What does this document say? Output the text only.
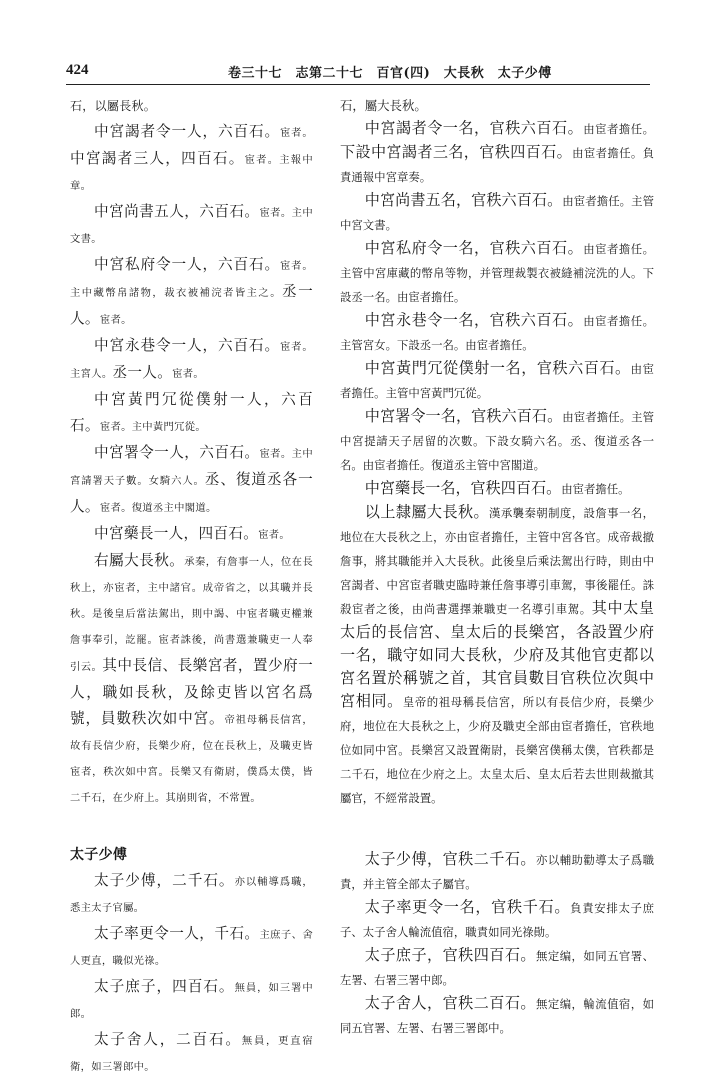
424	卷三十七　志第二十七　百官(四)　大長秋　太子少傅

石，以屬長秋。

中宮謁者令一人，六百石。宦者。中宮謁者三人，四百石。宦者。主報中章。

中宮尚書五人，六百石。宦者。主中文書。

中宮私府令一人，六百石。宦者。主中藏幣帛諸物，裁衣被補浣者皆主之。丞一人。宦者。

中宮永巷令一人，六百石。宦者。主宮人。丞一人。宦者。

中宮黃門冗從僕射一人，六百石。宦者。主中黃門冗從。

中宮署令一人，六百石。宦者。主中宮請署天子數。女騎六人。丞、復道丞各一人。宦者。復道丞主中閣道。

中宮藥長一人，四百石。宦者。

右屬大長秋。承秦，有詹事一人，位在長秋上，亦宦者，主中諸官。成帝省之，以其職并長秋。是後皇后當法駕出，則中謁、中宦者職吏權兼詹事奉引，訖罷。宦者誅後，尚書選兼職吏一人奉引云。其中長信、長樂宮者，置少府一人，職如長秋，及餘吏皆以宮名爲號，員數秩次如中宮。帝祖母稱長信宮，故有長信少府，長樂少府，位在長秋上，及職吏皆宦者，秩次如中宮。長樂又有衛尉，僕爲太僕，皆二千石，在少府上。其崩則省，不常置。

太子少傅

太子少傅，二千石。亦以輔導爲職，悉主太子官屬。

太子率更令一人，千石。主庶子、舍人更直，職似光祿。

太子庶子，四百石。無員，如三署中郎。

太子舍人，二百石。無員，更直宿衛，如三署郎中。

石，屬大長秋。

中宮謁者令一名，官秩六百石。由宦者擔任。下設中宮謁者三名，官秩四百石。由宦者擔任。負責通報中宮章奏。

中宮尚書五名，官秩六百石。由宦者擔任。主管中宮文書。

中宮私府令一名，官秩六百石。由宦者擔任。主管中宮庫藏的幣帛等物，并管理裁製衣被縫補浣洗的人。下設丞一名。由宦者擔任。

中宮永巷令一名，官秩六百石。由宦者擔任。主管宮女。下設丞一名。由宦者擔任。

中宮黃門冗從僕射一名，官秩六百石。由宦者擔任。主管中宮黃門冗從。

中宮署令一名，官秩六百石。由宦者擔任。主管中宮提請天子居留的次數。下設女騎六名。丞、復道丞各一名。由宦者擔任。復道丞主管中宮閣道。

中宮藥長一名，官秩四百石。由宦者擔任。

以上隸屬大長秋。漢承襲秦朝制度，設詹事一名，地位在大長秋之上，亦由宦者擔任，主管中宮各官。成帝裁撤詹事，將其職能并入大長秋。此後皇后乘法駕出行時，則由中宮謁者、中宮宦者職吏臨時兼任詹事導引車駕，事後罷任。誅殺宦者之後，由尚書選擇兼職吏一名導引車駕。其中太皇太后的長信宮、皇太后的長樂宮，各設置少府一名，職守如同大長秋，少府及其他官吏都以宮名置於稱號之首，其官員數目官秩位次與中宮相同。皇帝的祖母稱長信宮，所以有長信少府，長樂少府，地位在大長秋之上，少府及職吏全部由宦者擔任，官秩地位如同中宮。長樂宮又設置衛尉，長樂宮僕稱太僕，官秩都是二千石，地位在少府之上。太皇太后、皇太后若去世則裁撤其屬官，不經常設置。

太子少傅，官秩二千石。亦以輔助勸導太子爲職責，并主管全部太子屬官。

太子率更令一名，官秩千石。負責安排太子庶子、太子舍人輪流值宿，職責如同光祿勛。

太子庶子，官秩四百石。無定编，如同五官署、左署、右署三署中郎。

太子舍人，官秩二百石。無定编，輪流值宿，如同五官署、左署、右署三署郎中。
